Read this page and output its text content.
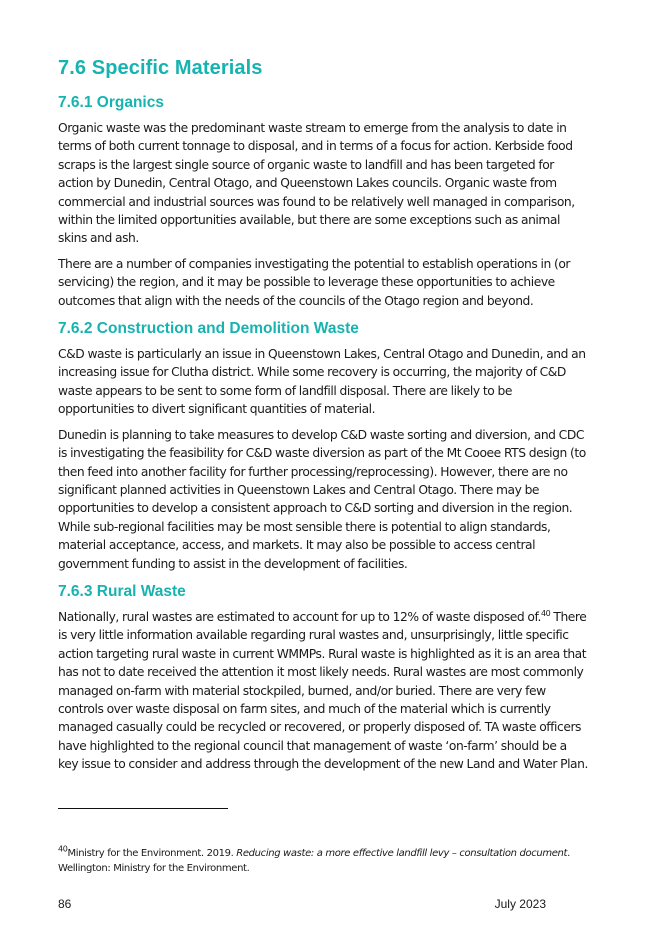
7.6 Specific Materials
7.6.1 Organics

Organic waste was the predominant waste stream to emerge from the analysis to date in terms of both current tonnage to disposal, and in terms of a focus for action. Kerbside food scraps is the largest single source of organic waste to landfill and has been targeted for action by Dunedin, Central Otago, and Queenstown Lakes councils. Organic waste from commercial and industrial sources was found to be relatively well managed in comparison, within the limited opportunities available, but there are some exceptions such as animal skins and ash.

There are a number of companies investigating the potential to establish operations in (or servicing) the region, and it may be possible to leverage these opportunities to achieve outcomes that align with the needs of the councils of the Otago region and beyond.

7.6.2 Construction and Demolition Waste

C&D waste is particularly an issue in Queenstown Lakes, Central Otago and Dunedin, and an increasing issue for Clutha district. While some recovery is occurring, the majority of C&D waste appears to be sent to some form of landfill disposal. There are likely to be opportunities to divert significant quantities of material.

Dunedin is planning to take measures to develop C&D waste sorting and diversion, and CDC is investigating the feasibility for C&D waste diversion as part of the Mt Cooee RTS design (to then feed into another facility for further processing/reprocessing). However, there are no significant planned activities in Queenstown Lakes and Central Otago. There may be opportunities to develop a consistent approach to C&D sorting and diversion in the region. While sub-regional facilities may be most sensible there is potential to align standards, material acceptance, access, and markets. It may also be possible to access central government funding to assist in the development of facilities.

7.6.3 Rural Waste

Nationally, rural wastes are estimated to account for up to 12% of waste disposed of.$^{40}$ There is very little information available regarding rural wastes and, unsurprisingly, little specific action targeting rural waste in current WMMPs. Rural waste is highlighted as it is an area that has not to date received the attention it most likely needs. Rural wastes are most commonly managed on-farm with material stockpiled, burned, and/or buried. There are very few controls over waste disposal on farm sites, and much of the material which is currently managed casually could be recycled or recovered, or properly disposed of. TA waste officers have highlighted to the regional council that management of waste ‘on-farm’ should be a key issue to consider and address through the development of the new Land and Water Plan.

$^{40}$Ministry for the Environment. 2019. Reducing waste: a more effective landfill levy – consultation document. Wellington: Ministry for the Environment.
86	July 2023
